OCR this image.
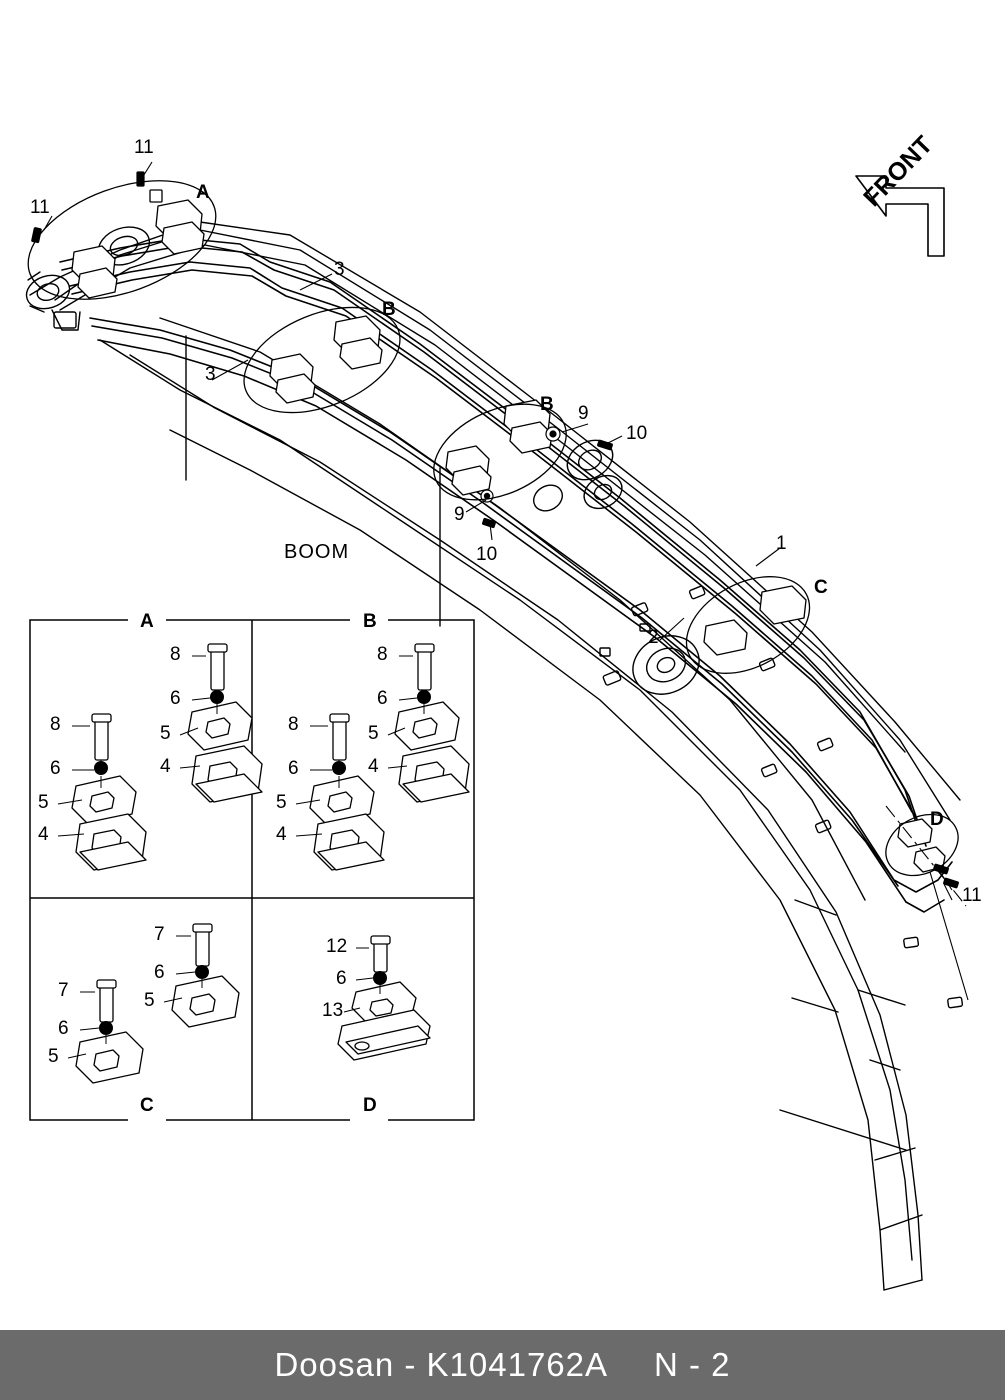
FRONT
A
B
B
C
D
11
11
3
3
9
10
9
10
1
2
11
BOOM
A	B
C	D
8
6
5
4
8
6
5
4
8
6
5
4
8
6
5
4
7
6
5
7
6
5
12
6
13
Doosan - K1041762A N - 2
